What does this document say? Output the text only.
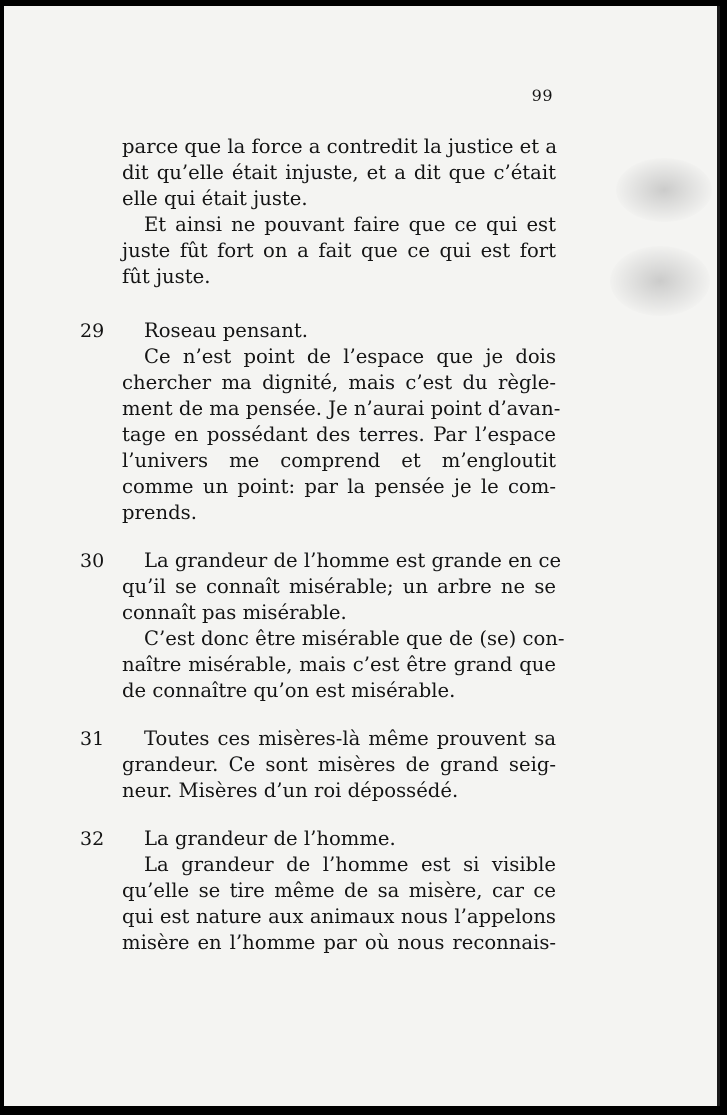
99
parce que la force a contredit la justice et a
dit qu’elle était injuste, et a dit que c’était
elle qui était juste.
Et ainsi ne pouvant faire que ce qui est
juste fût fort on a fait que ce qui est fort
fût juste.
29	Roseau pensant.
Ce n’est point de l’espace que je dois
chercher ma dignité, mais c’est du règle-
ment de ma pensée. Je n’aurai point d’avan-
tage en possédant des terres. Par l’espace
l’univers me comprend et m’engloutit
comme un point: par la pensée je le com-
prends.
30	La grandeur de l’homme est grande en ce
qu’il se connaît misérable; un arbre ne se
connaît pas misérable.
C’est donc être misérable que de (se) con-
naître misérable, mais c’est être grand que
de connaître qu’on est misérable.
31	Toutes ces misères-là même prouvent sa
grandeur. Ce sont misères de grand seig-
neur. Misères d’un roi dépossédé.
32	La grandeur de l’homme.
La grandeur de l’homme est si visible
qu’elle se tire même de sa misère, car ce
qui est nature aux animaux nous l’appelons
misère en l’homme par où nous reconnais-
